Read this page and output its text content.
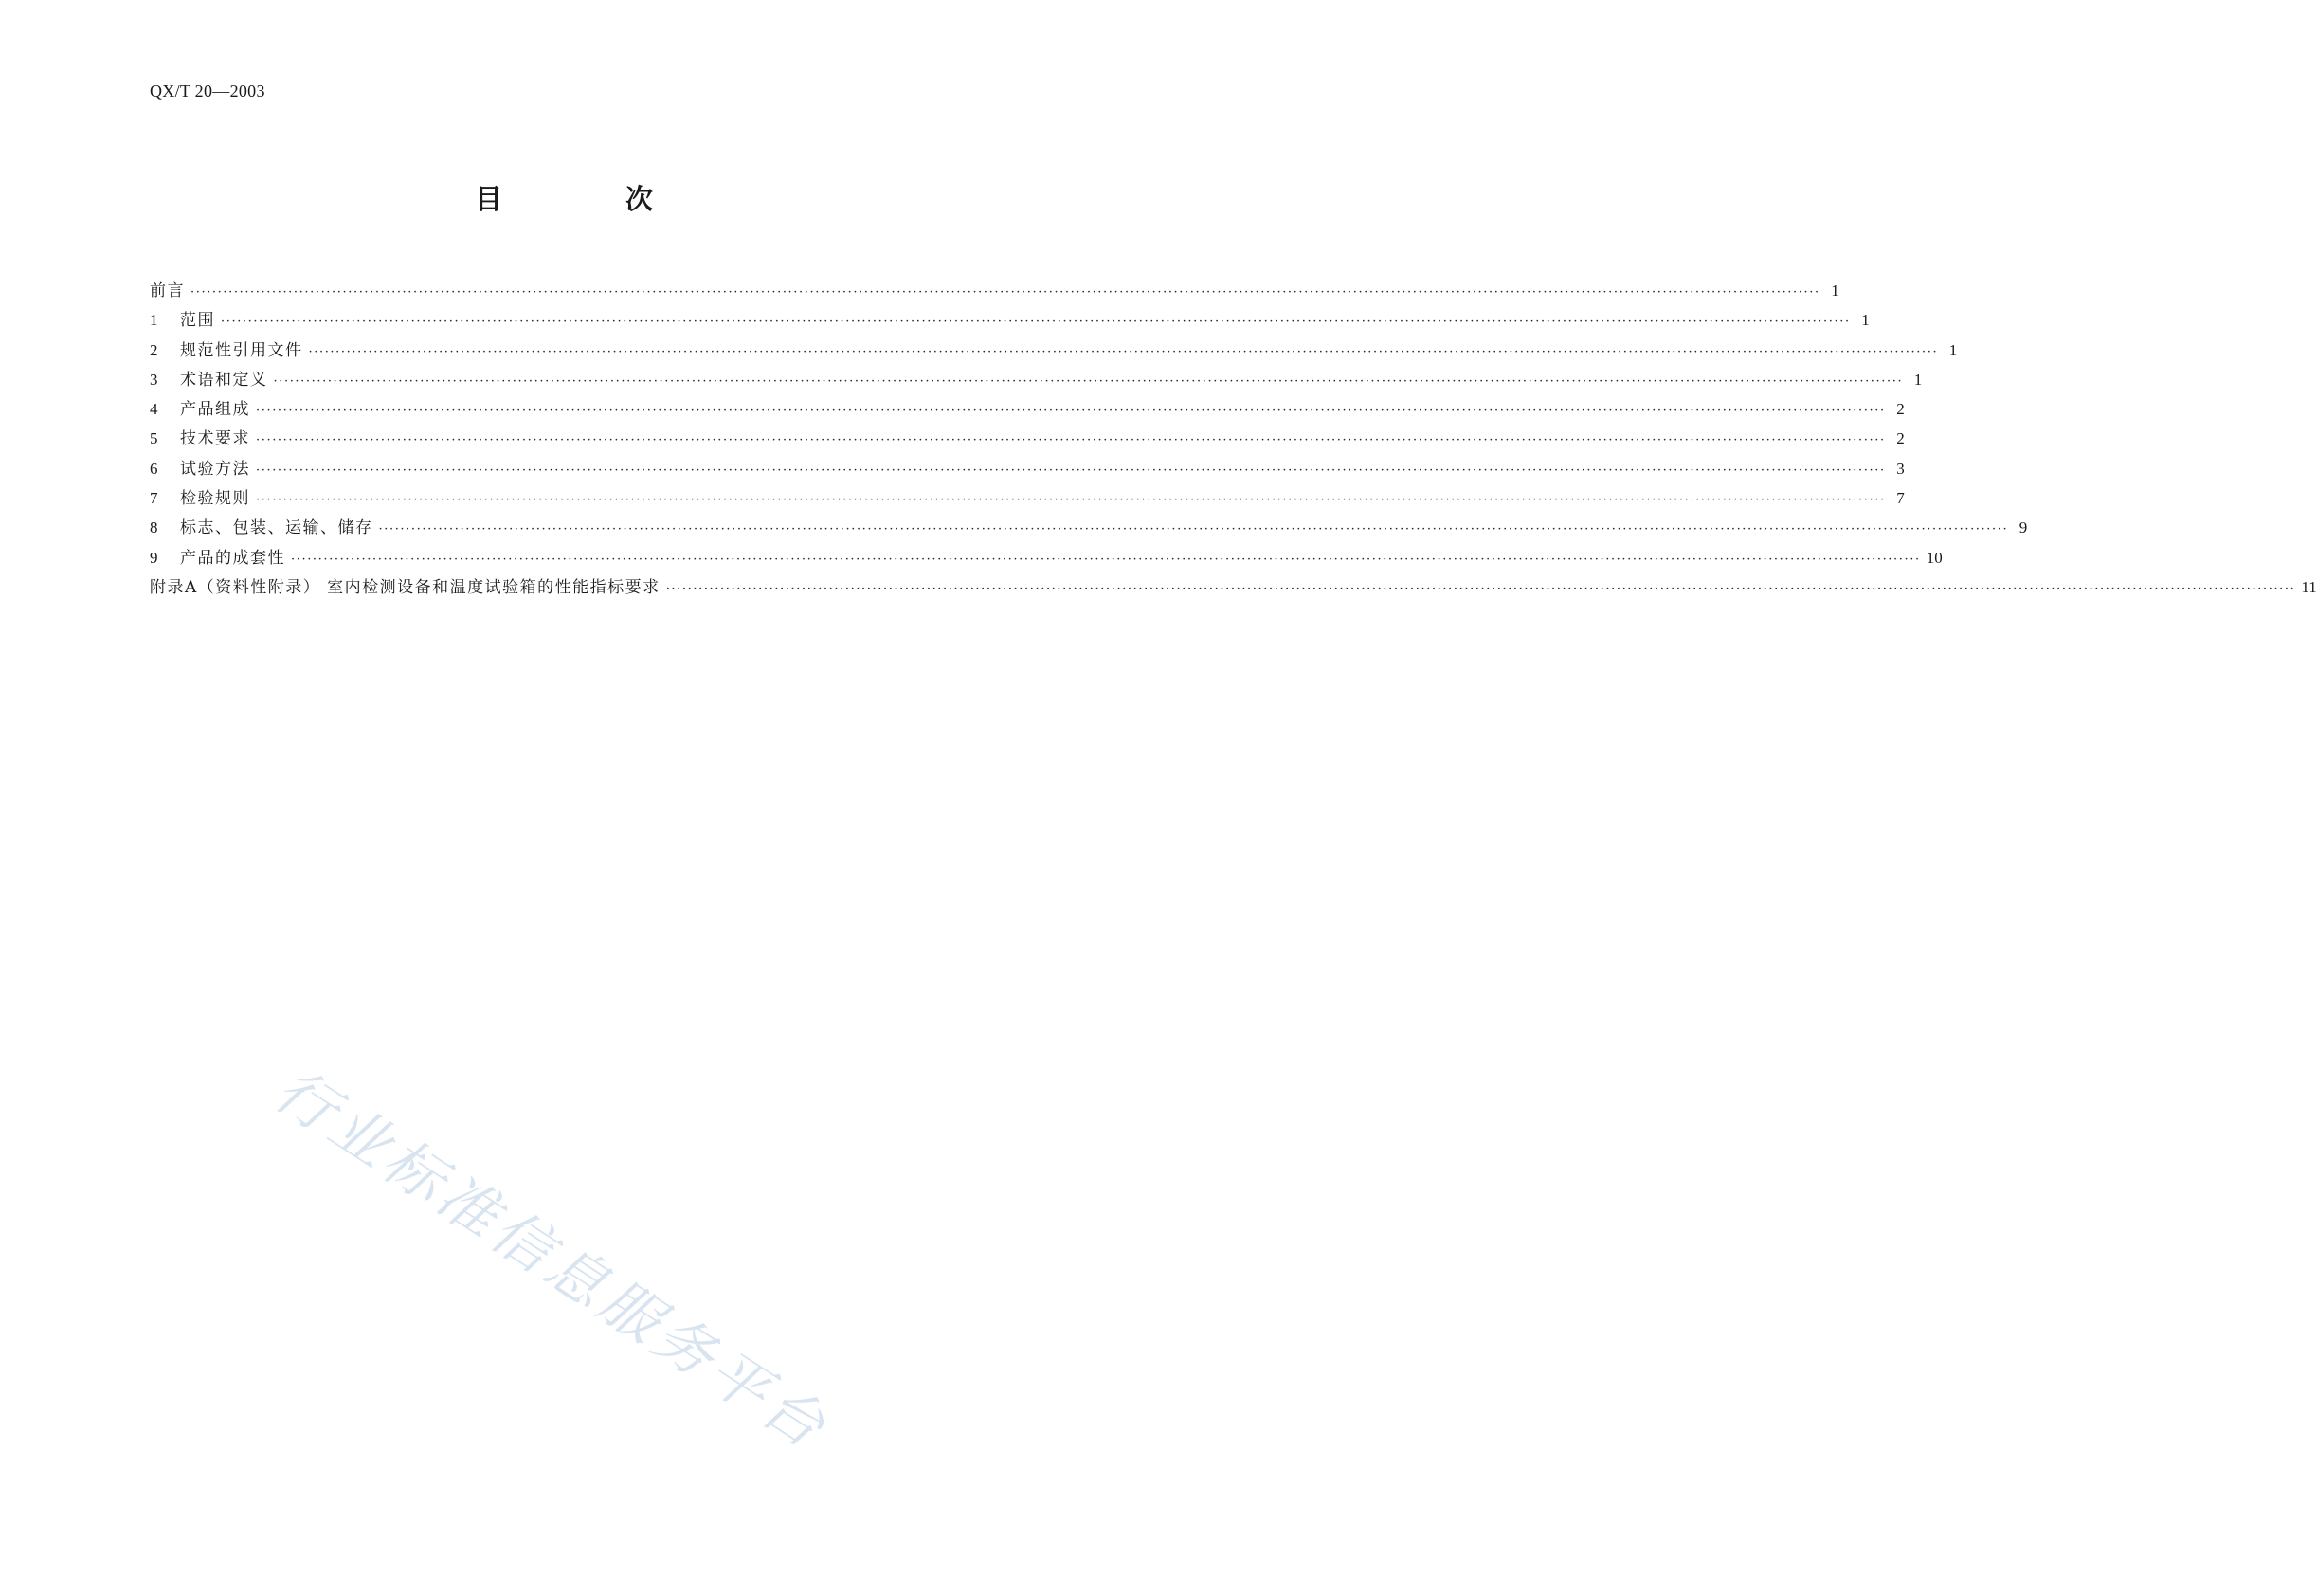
QX/T 20—2003
目 次
前言 ············································································································································································································································································································ 1
1	范围 ············································································································································································································································································································ 1
2	规范性引用文件 ············································································································································································································································································································ 1
3	术语和定义 ············································································································································································································································································································ 1
4	产品组成 ············································································································································································································································································································ 2
5	技术要求 ············································································································································································································································································································ 2
6	试验方法 ············································································································································································································································································································ 3
7	检验规则 ············································································································································································································································································································ 7
8	标志、包装、运输、储存 ············································································································································································································································································································ 9
9	产品的成套性 ············································································································································································································································································································ 10
附录A（资料性附录） 室内检测设备和温度试验箱的性能指标要求 ············································································································································································································································································································ 11
行业标准信息服务平台
